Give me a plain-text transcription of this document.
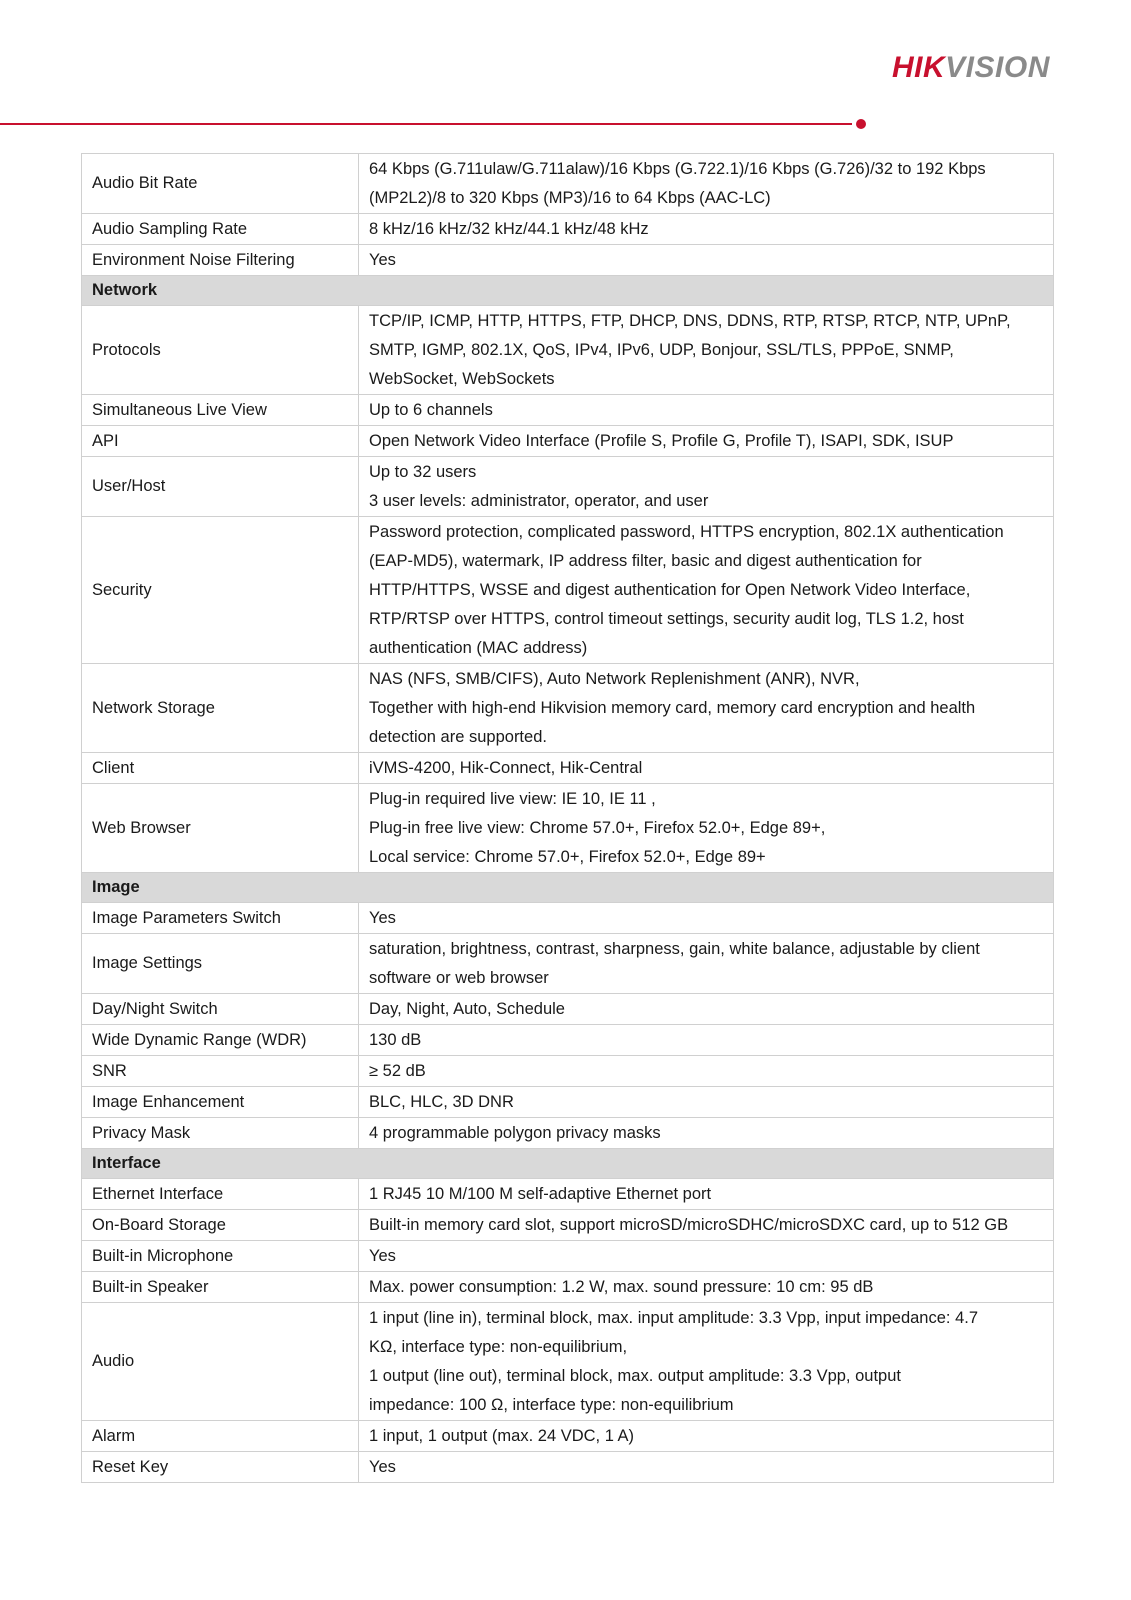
HIKVISION
Audio Bit Rate	64 Kbps (G.711ulaw/G.711alaw)/16 Kbps (G.722.1)/16 Kbps (G.726)/32 to 192 Kbps
(MP2L2)/8 to 320 Kbps (MP3)/16 to 64 Kbps (AAC-LC)

Audio Sampling Rate	8 kHz/16 kHz/32 kHz/44.1 kHz/48 kHz

Environment Noise Filtering	Yes

Network	
Protocols	TCP/IP, ICMP, HTTP, HTTPS, FTP, DHCP, DNS, DDNS, RTP, RTSP, RTCP, NTP, UPnP,
SMTP, IGMP, 802.1X, QoS, IPv4, IPv6, UDP, Bonjour, SSL/TLS, PPPoE, SNMP,
WebSocket, WebSockets

Simultaneous Live View	Up to 6 channels

API	Open Network Video Interface (Profile S, Profile G, Profile T), ISAPI, SDK, ISUP

User/Host	Up to 32 users
3 user levels: administrator, operator, and user

Security	Password protection, complicated password, HTTPS encryption, 802.1X authentication
(EAP-MD5), watermark, IP address filter, basic and digest authentication for
HTTP/HTTPS, WSSE and digest authentication for Open Network Video Interface,
RTP/RTSP over HTTPS, control timeout settings, security audit log, TLS 1.2, host
authentication (MAC address)

Network Storage	NAS (NFS, SMB/CIFS), Auto Network Replenishment (ANR), NVR,
Together with high-end Hikvision memory card, memory card encryption and health
detection are supported.

Client	iVMS-4200, Hik-Connect, Hik-Central

Web Browser	Plug-in required live view: IE 10, IE 11 ,
Plug-in free live view: Chrome 57.0+, Firefox 52.0+, Edge 89+,
Local service: Chrome 57.0+, Firefox 52.0+, Edge 89+

Image	
Image Parameters Switch	Yes

Image Settings	saturation, brightness, contrast, sharpness, gain, white balance, adjustable by client
software or web browser

Day/Night Switch	Day, Night, Auto, Schedule

Wide Dynamic Range (WDR)	130 dB

SNR	≥ 52 dB

Image Enhancement	BLC, HLC, 3D DNR

Privacy Mask	4 programmable polygon privacy masks

Interface	
Ethernet Interface	1 RJ45 10 M/100 M self-adaptive Ethernet port

On-Board Storage	Built-in memory card slot, support microSD/microSDHC/microSDXC card, up to 512 GB

Built-in Microphone	Yes

Built-in Speaker	Max. power consumption: 1.2 W, max. sound pressure: 10 cm: 95 dB

Audio	1 input (line in), terminal block, max. input amplitude: 3.3 Vpp, input impedance: 4.7
KΩ, interface type: non-equilibrium,
1 output (line out), terminal block, max. output amplitude: 3.3 Vpp, output
impedance: 100 Ω, interface type: non-equilibrium

Alarm	1 input, 1 output (max. 24 VDC, 1 A)

Reset Key	Yes
